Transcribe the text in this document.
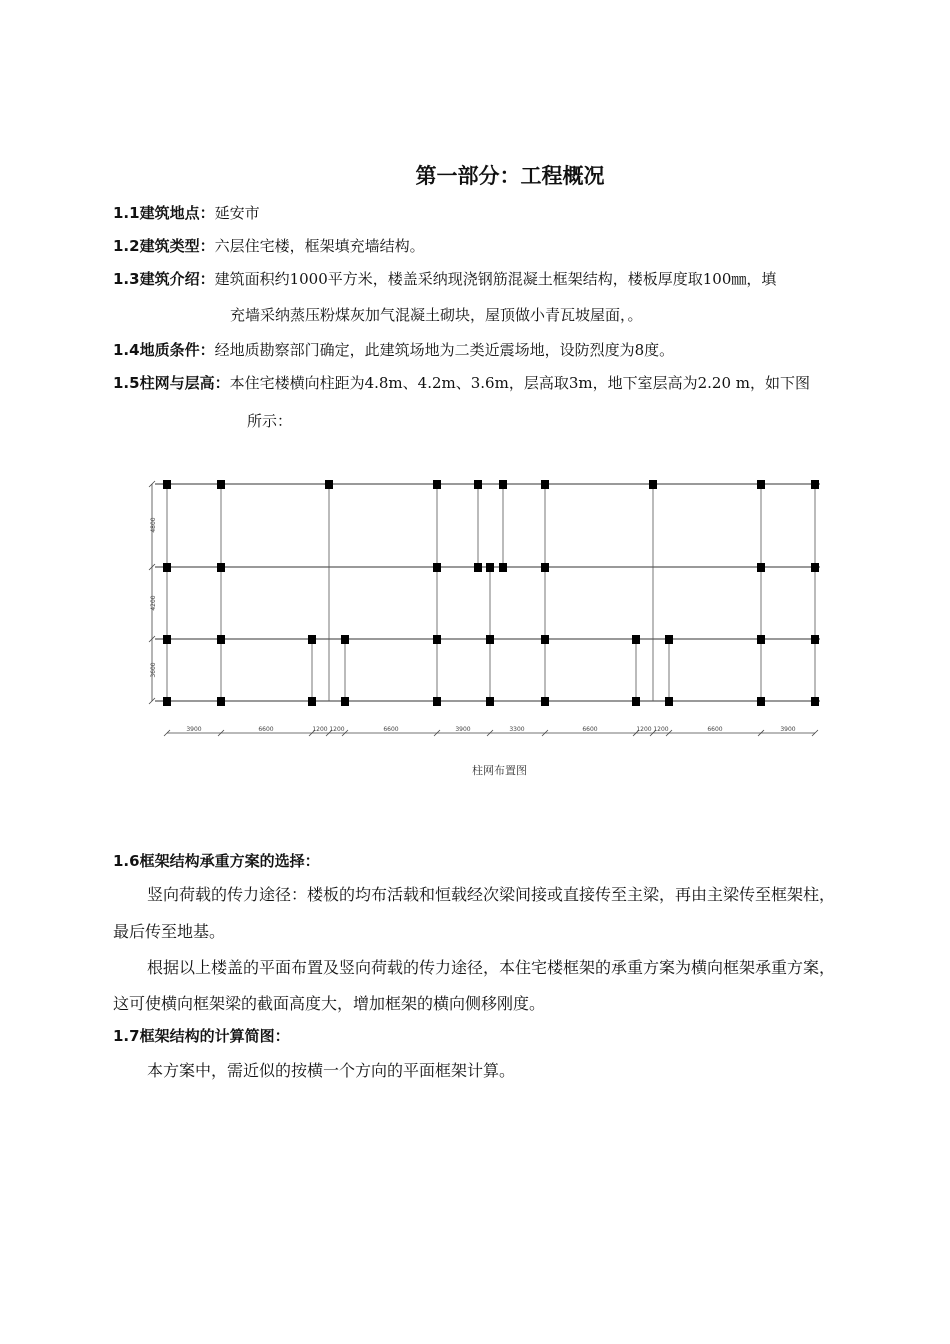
第一部分：工程概况
1.1建筑地点：延安市
1.2建筑类型：六层住宅楼，框架填充墙结构。
1.3建筑介绍：建筑面积约1000平方米，楼盖采纳现浇钢筋混凝土框架结构，楼板厚度取100㎜，填
充墙采纳蒸压粉煤灰加气混凝土砌块，屋顶做小青瓦坡屋面，。
1.4地质条件：经地质勘察部门确定，此建筑场地为二类近震场地，设防烈度为8度。
1.5柱网与层高：本住宅楼横向柱距为4.8m、4.2m、3.6m，层高取3m，地下室层高为2.20 m，如下图
所示：
4800
4200
3600
3900	6600	1200 1200	6600	3900	3300	6600	1200 1200	6600	3900
柱网布置图
1.6框架结构承重方案的选择：
竖向荷载的传力途径：楼板的均布活载和恒载经次梁间接或直接传至主梁，再由主梁传至框架柱，
最后传至地基。
根据以上楼盖的平面布置及竖向荷载的传力途径，本住宅楼框架的承重方案为横向框架承重方案，
这可使横向框架梁的截面高度大，增加框架的横向侧移刚度。
1.7框架结构的计算简图：
本方案中，需近似的按横一个方向的平面框架计算。
